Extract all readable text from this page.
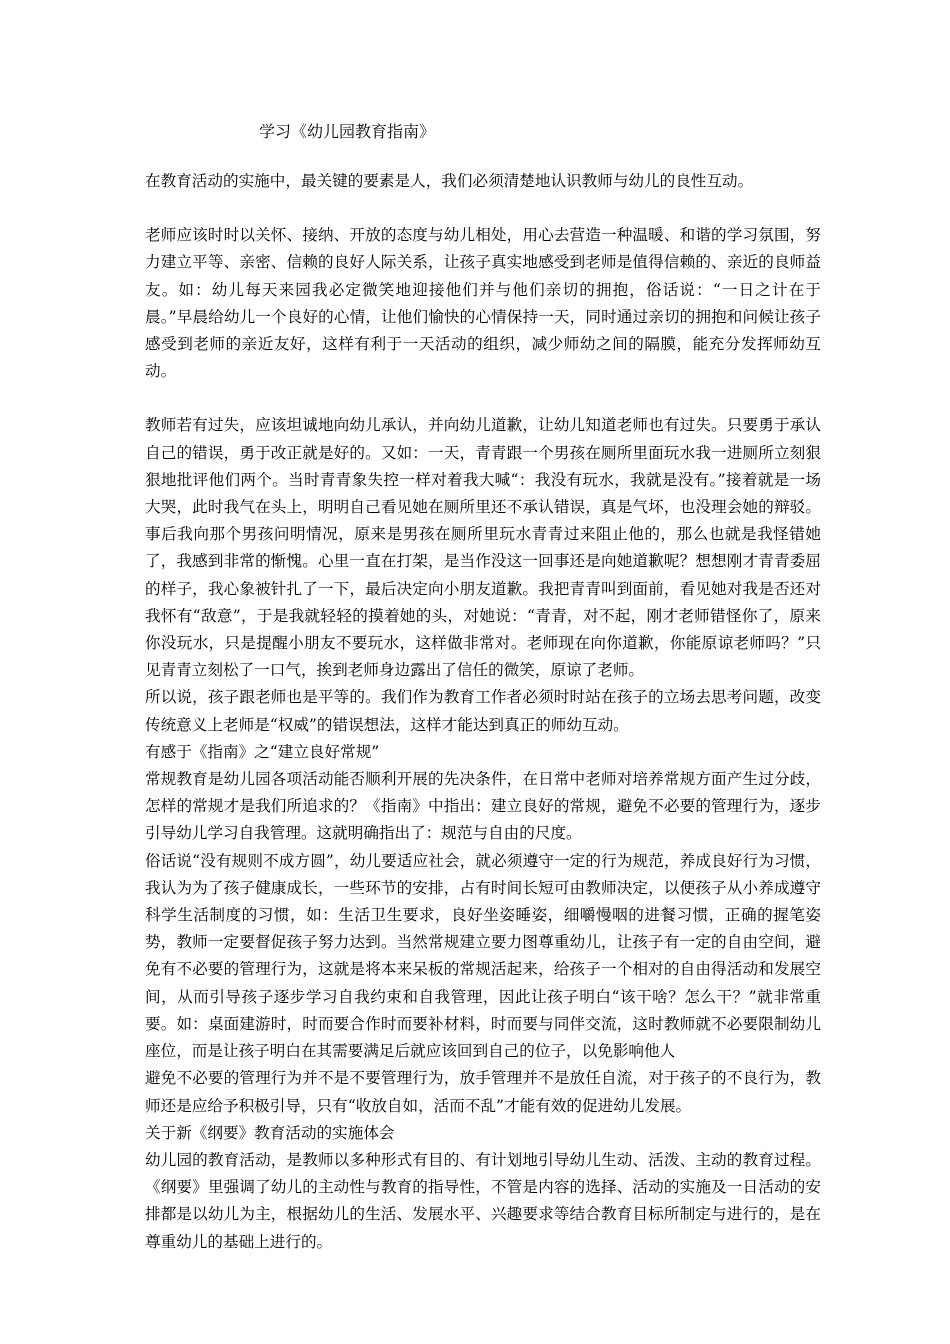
学习《幼儿园教育指南》

在教育活动的实施中，最关键的要素是人，我们必须清楚地认识教师与幼儿的良性互动。

老师应该时时以关怀、接纳、开放的态度与幼儿相处，用心去营造一种温暖、和谐的学习氛围，努力建立平等、亲密、信赖的良好人际关系，让孩子真实地感受到老师是值得信赖的、亲近的良师益友。如：幼儿每天来园我必定微笑地迎接他们并与他们亲切的拥抱，俗话说：“一日之计在于晨。”早晨给幼儿一个良好的心情，让他们愉快的心情保持一天，同时通过亲切的拥抱和问候让孩子感受到老师的亲近友好，这样有利于一天活动的组织，减少师幼之间的隔膜，能充分发挥师幼互动。

教师若有过失，应该坦诚地向幼儿承认，并向幼儿道歉，让幼儿知道老师也有过失。只要勇于承认自己的错误，勇于改正就是好的。又如：一天，青青跟一个男孩在厕所里面玩水我一进厕所立刻狠狠地批评他们两个。当时青青象失控一样对着我大喊“：我没有玩水，我就是没有。”接着就是一场大哭，此时我气在头上，明明自己看见她在厕所里还不承认错误，真是气坏，也没理会她的辩驳。事后我向那个男孩问明情况，原来是男孩在厕所里玩水青青过来阻止他的，那么也就是我怪错她了，我感到非常的惭愧。心里一直在打架，是当作没这一回事还是向她道歉呢？想想刚才青青委屈的样子，我心象被针扎了一下，最后决定向小朋友道歉。我把青青叫到面前，看见她对我是否还对我怀有“敌意”，于是我就轻轻的摸着她的头，对她说：“青青，对不起，刚才老师错怪你了，原来你没玩水，只是提醒小朋友不要玩水，这样做非常对。老师现在向你道歉，你能原谅老师吗？”只见青青立刻松了一口气，挨到老师身边露出了信任的微笑，原谅了老师。

所以说，孩子跟老师也是平等的。我们作为教育工作者必须时时站在孩子的立场去思考问题，改变传统意义上老师是“权威”的错误想法，这样才能达到真正的师幼互动。

有感于《指南》之“建立良好常规”

常规教育是幼儿园各项活动能否顺利开展的先决条件，在日常中老师对培养常规方面产生过分歧，怎样的常规才是我们所追求的？《指南》中指出：建立良好的常规，避免不必要的管理行为，逐步引导幼儿学习自我管理。这就明确指出了：规范与自由的尺度。

俗话说“没有规则不成方圆”，幼儿要适应社会，就必须遵守一定的行为规范，养成良好行为习惯，我认为为了孩子健康成长，一些环节的安排，占有时间长短可由教师决定，以便孩子从小养成遵守科学生活制度的习惯，如：生活卫生要求，良好坐姿睡姿，细嚼慢咽的进餐习惯，正确的握笔姿势，教师一定要督促孩子努力达到。当然常规建立要力图尊重幼儿，让孩子有一定的自由空间，避免有不必要的管理行为，这就是将本来呆板的常规活起来，给孩子一个相对的自由得活动和发展空间，从而引导孩子逐步学习自我约束和自我管理，因此让孩子明白“该干啥？怎么干？”就非常重要。如：桌面建游时，时而要合作时而要补材料，时而要与同伴交流，这时教师就不必要限制幼儿座位，而是让孩子明白在其需要满足后就应该回到自己的位子，以免影响他人

避免不必要的管理行为并不是不要管理行为，放手管理并不是放任自流，对于孩子的不良行为，教师还是应给予积极引导，只有“收放自如，活而不乱”才能有效的促进幼儿发展。

关于新《纲要》教育活动的实施体会

幼儿园的教育活动，是教师以多种形式有目的、有计划地引导幼儿生动、活泼、主动的教育过程。《纲要》里强调了幼儿的主动性与教育的指导性，不管是内容的选择、活动的实施及一日活动的安排都是以幼儿为主，根据幼儿的生活、发展水平、兴趣要求等结合教育目标所制定与进行的，是在尊重幼儿的基础上进行的。
